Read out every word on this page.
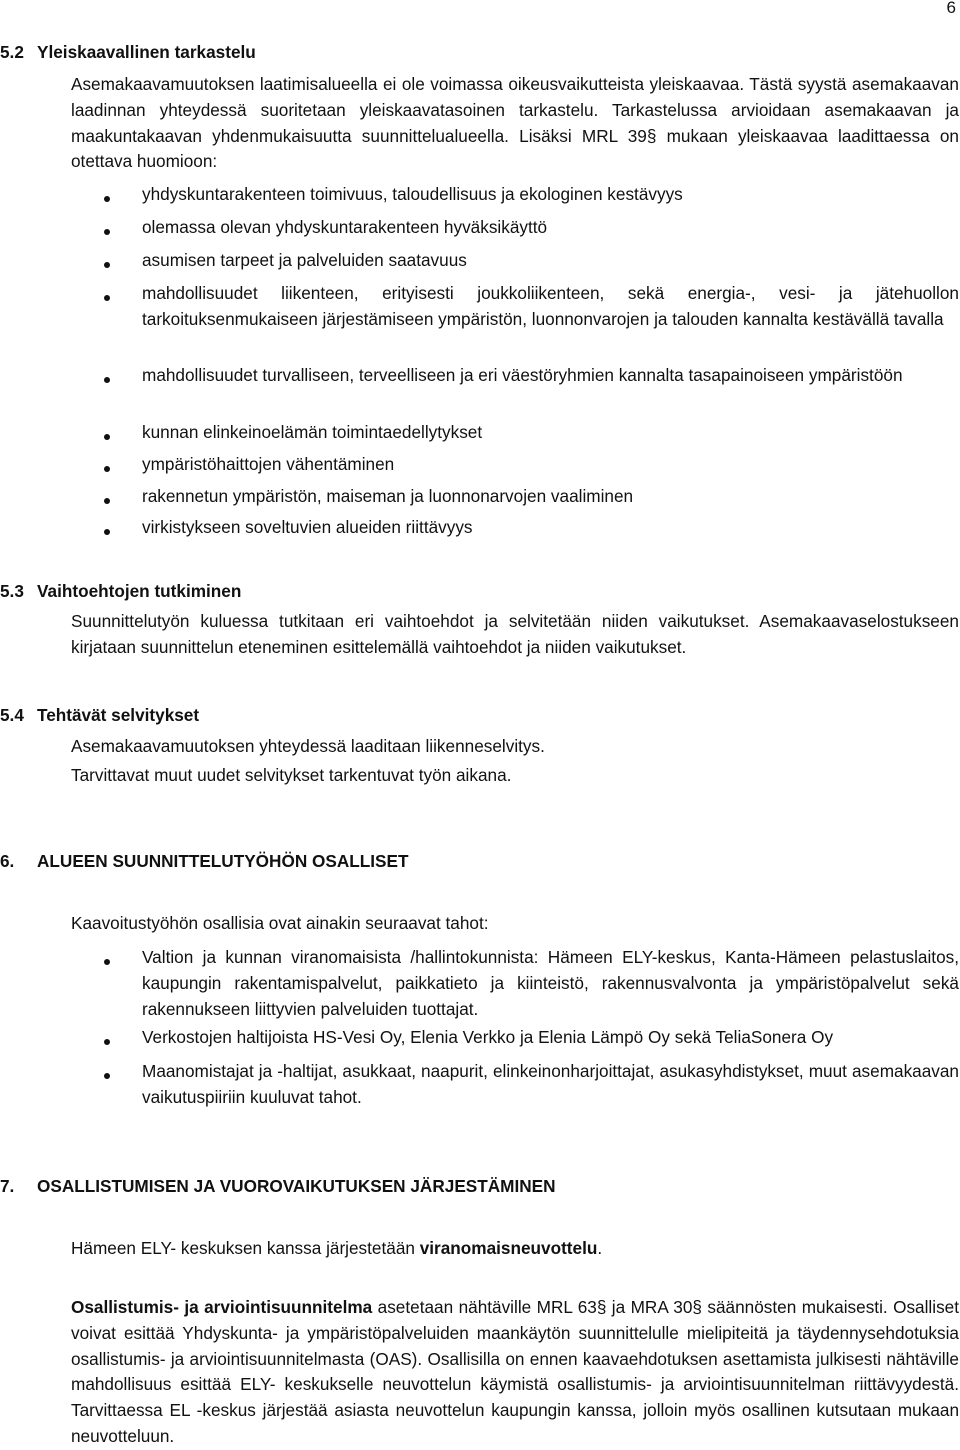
6
5.2 Yleiskaavallinen tarkastelu
Asemakaavamuutoksen laatimisalueella ei ole voimassa oikeusvaikutteista yleiskaavaa. Tästä syystä asemakaavan laadinnan yhteydessä suoritetaan yleiskaavatasoinen tarkastelu. Tarkastelussa arvioidaan asemakaavan ja maakuntakaavan yhdenmukaisuutta suunnittelualueella. Lisäksi MRL 39§ mukaan yleiskaavaa laadittaessa on otettava huomioon:
yhdyskuntarakenteen toimivuus, taloudellisuus ja ekologinen kestävyys
olemassa olevan yhdyskuntarakenteen hyväksikäyttö
asumisen tarpeet ja palveluiden saatavuus
mahdollisuudet liikenteen, erityisesti joukkoliikenteen, sekä energia-, vesi- ja jätehuollon tarkoituksenmukaiseen järjestämiseen ympäristön, luonnonvarojen ja talouden kannalta kestävällä tavalla
mahdollisuudet turvalliseen, terveelliseen ja eri väestöryhmien kannalta tasapainoiseen ympäristöön
kunnan elinkeinoelämän toimintaedellytykset
ympäristöhaittojen vähentäminen
rakennetun ympäristön, maiseman ja luonnonarvojen vaaliminen
virkistykseen soveltuvien alueiden riittävyys
5.3 Vaihtoehtojen tutkiminen
Suunnittelutyön kuluessa tutkitaan eri vaihtoehdot ja selvitetään niiden vaikutukset. Asemakaavaselostukseen kirjataan suunnittelun eteneminen esittelemällä vaihtoehdot ja niiden vaikutukset.
5.4 Tehtävät selvitykset
Asemakaavamuutoksen yhteydessä laaditaan liikenneselvitys.
Tarvittavat muut uudet selvitykset tarkentuvat työn aikana.
6. ALUEEN SUUNNITTELUTYÖHÖN OSALLISET
Kaavoitustyöhön osallisia ovat ainakin seuraavat tahot:
Valtion ja kunnan viranomaisista /hallintokunnista: Hämeen ELY-keskus, Kanta-Hämeen pelastuslaitos, kaupungin rakentamispalvelut, paikkatieto ja kiinteistö, rakennusvalvonta ja ympäristöpalvelut sekä rakennukseen liittyvien palveluiden tuottajat.
Verkostojen haltijoista HS-Vesi Oy, Elenia Verkko ja Elenia Lämpö Oy sekä TeliaSonera Oy
Maanomistajat ja -haltijat, asukkaat, naapurit, elinkeinonharjoittajat, asukasyhdistykset, muut asemakaavan vaikutuspiiriin kuuluvat tahot.
7. OSALLISTUMISEN JA VUOROVAIKUTUKSEN JÄRJESTÄMINEN
Hämeen ELY- keskuksen kanssa järjestetään viranomaisneuvottelu.
Osallistumis- ja arviointisuunnitelma asetetaan nähtäville MRL 63§ ja MRA 30§ säännösten mukaisesti. Osalliset voivat esittää Yhdyskunta- ja ympäristöpalveluiden maankäytön suunnittelulle mielipiteitä ja täydennysehdotuksia osallistumis- ja arviointisuunnitelmasta (OAS). Osallisilla on ennen kaavaehdotuksen asettamista julkisesti nähtäville mahdollisuus esittää ELY- keskukselle neuvottelun käymistä osallistumis- ja arviointisuunnitelman riittävyydestä. Tarvittaessa EL -keskus järjestää asiasta neuvottelun kaupungin kanssa, jolloin myös osallinen kutsutaan mukaan neuvotteluun.
